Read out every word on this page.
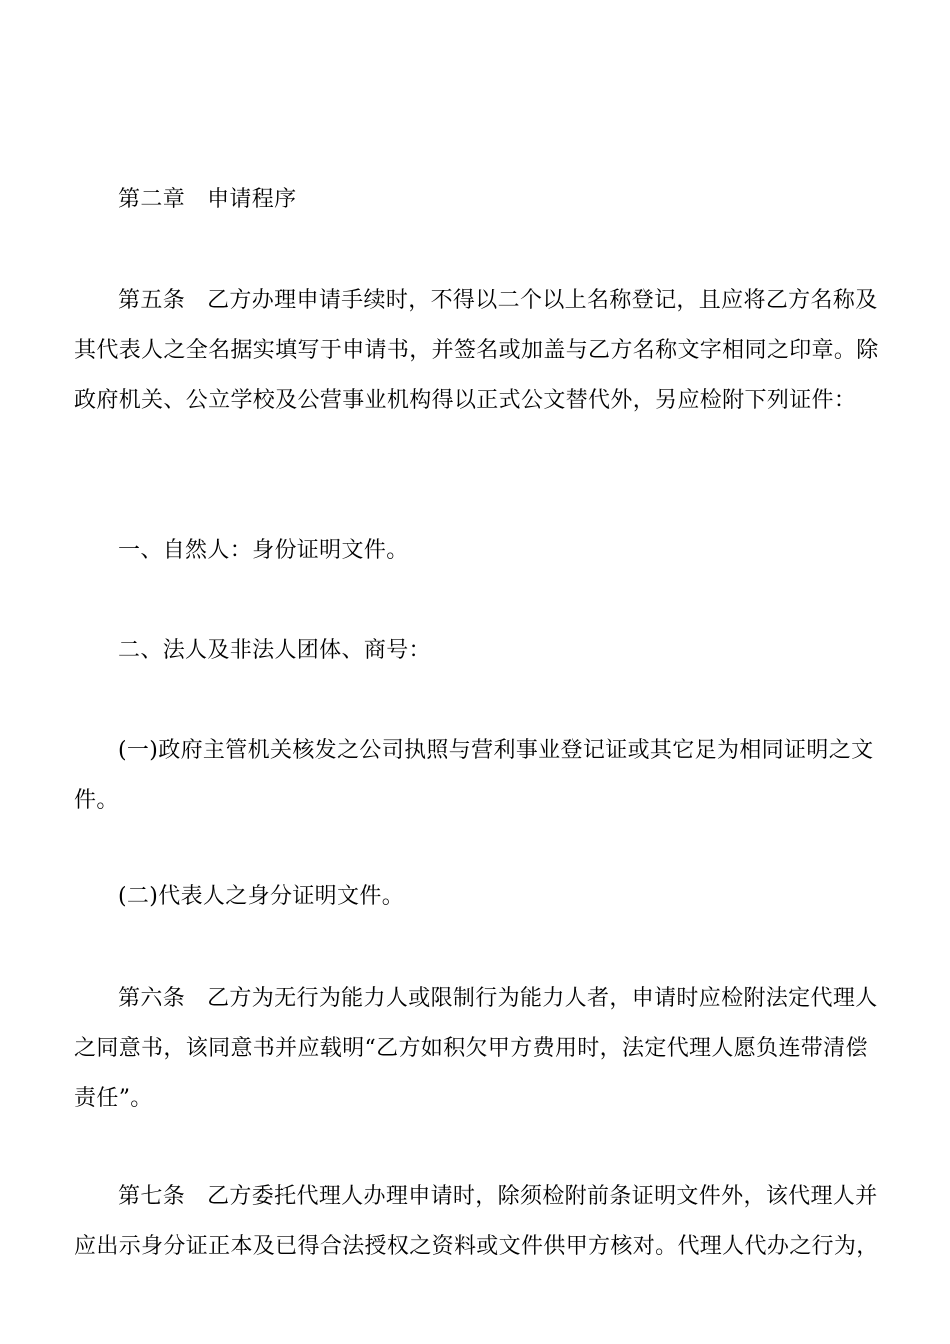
第二章 申请程序
第五条 乙方办理申请手续时，不得以二个以上名称登记，且应将乙方名称及
其代表人之全名据实填写于申请书，并签名或加盖与乙方名称文字相同之印章。除
政府机关、公立学校及公营事业机构得以正式公文替代外，另应检附下列证件：
一、自然人：身份证明文件。
二、法人及非法人团体、商号：
(一)政府主管机关核发之公司执照与营利事业登记证或其它足为相同证明之文
件。
(二)代表人之身分证明文件。
第六条 乙方为无行为能力人或限制行为能力人者，申请时应检附法定代理人
之同意书，该同意书并应载明“乙方如积欠甲方费用时，法定代理人愿负连带清偿
责任”。
第七条 乙方委托代理人办理申请时，除须检附前条证明文件外，该代理人并
应出示身分证正本及已得合法授权之资料或文件供甲方核对。代理人代办之行为，
